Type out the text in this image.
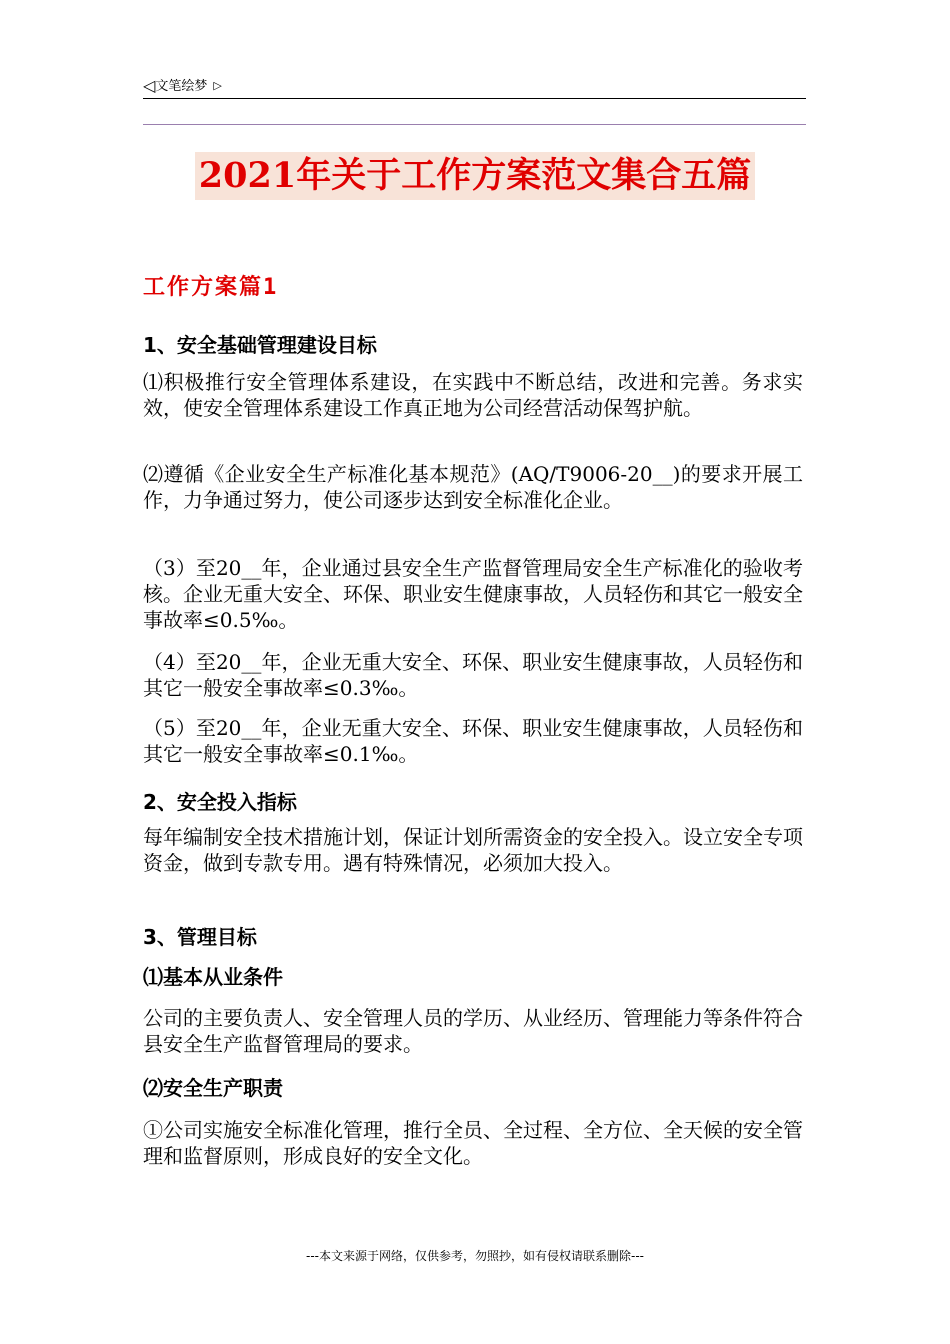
◁文笔绘梦 ▷
2021年关于工作方案范文集合五篇
工作方案篇1
1、安全基础管理建设目标
⑴积极推行安全管理体系建设，在实践中不断总结，改进和完善。务求实效，使安全管理体系建设工作真正地为公司经营活动保驾护航。
⑵遵循《企业安全生产标准化基本规范》(AQ/T9006-20__)的要求开展工作，力争通过努力，使公司逐步达到安全标准化企业。
（3）至20__年，企业通过县安全生产监督管理局安全生产标准化的验收考核。企业无重大安全、环保、职业安生健康事故，人员轻伤和其它一般安全事故率≤0.5‰。
（4）至20__年，企业无重大安全、环保、职业安生健康事故，人员轻伤和其它一般安全事故率≤0.3‰。
（5）至20__年，企业无重大安全、环保、职业安生健康事故，人员轻伤和其它一般安全事故率≤0.1‰。
2、安全投入指标
每年编制安全技术措施计划，保证计划所需资金的安全投入。设立安全专项资金，做到专款专用。遇有特殊情况，必须加大投入。
3、管理目标
⑴基本从业条件
公司的主要负责人、安全管理人员的学历、从业经历、管理能力等条件符合县安全生产监督管理局的要求。
⑵安全生产职责
①公司实施安全标准化管理，推行全员、全过程、全方位、全天候的安全管理和监督原则，形成良好的安全文化。
---本文来源于网络，仅供参考，勿照抄，如有侵权请联系删除---
